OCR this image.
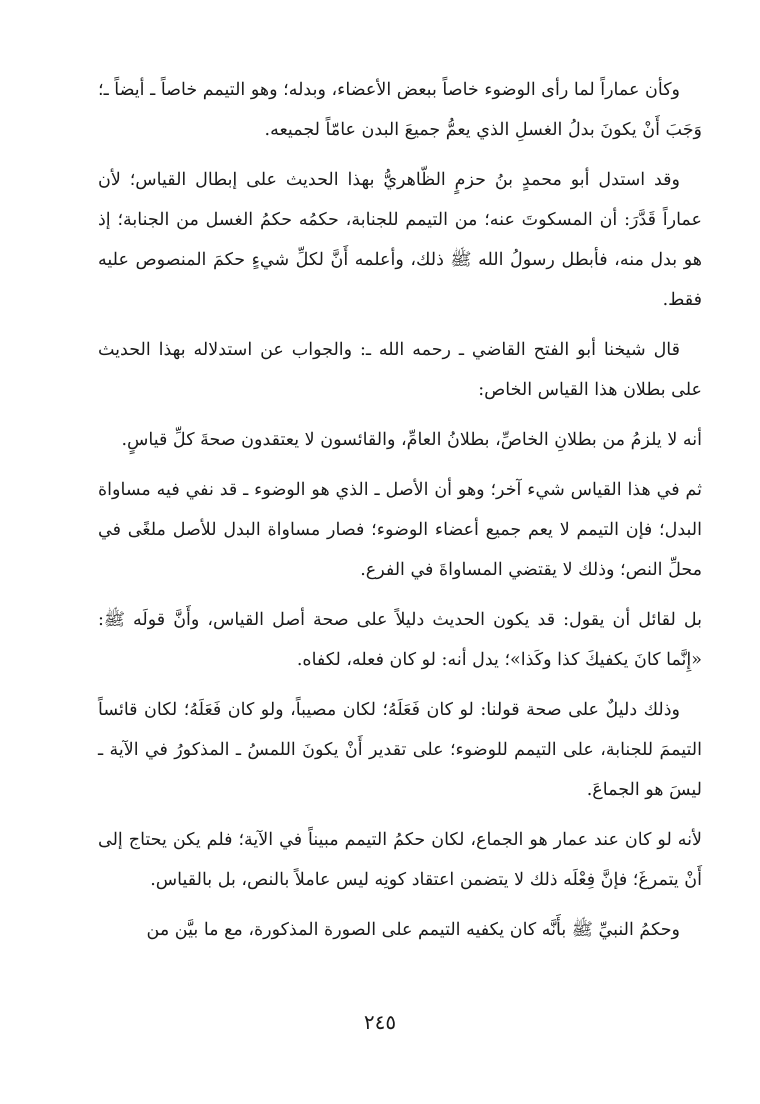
وكأن عماراً لما رأى الوضوء خاصاً ببعض الأعضاء، وبدله؛ وهو التيمم خاصاً ـ أيضاً ـ؛ وَجَبَ أَنْ يكونَ بدلُ الغسلِ الذي يعمُّ جميعَ البدن عامّاً لجميعه.

وقد استدل أبو محمدٍ بنُ حزمٍ الظّاهريُّ بهذا الحديث على إبطال القياس؛ لأن عماراً قَدَّرَ: أن المسكوتَ عنه؛ من التيمم للجنابة، حكمُه حكمُ الغسل من الجنابة؛ إذ هو بدل منه، فأبطل رسولُ الله ﷺ ذلك، وأعلمه أَنَّ لكلِّ شيءٍ حكمَ المنصوص عليه فقط.

قال شيخنا أبو الفتح القاضي ـ رحمه الله ـ: والجواب عن استدلاله بهذا الحديث على بطلان هذا القياس الخاص:

أنه لا يلزمُ من بطلانِ الخاصِّ، بطلانُ العامِّ، والقائسون لا يعتقدون صحةَ كلِّ قياسٍ.

ثم في هذا القياس شيء آخر؛ وهو أن الأصل ـ الذي هو الوضوء ـ قد نفي فيه مساواة البدل؛ فإن التيمم لا يعم جميع أعضاء الوضوء؛ فصار مساواة البدل للأصل ملغًى في محلِّ النص؛ وذلك لا يقتضي المساواةَ في الفرع.

بل لقائل أن يقول: قد يكون الحديث دليلاً على صحة أصل القياس، وأَنَّ قولَه ﷺ: «إِنَّما كانَ يكفيكَ كذا وكَذا»؛ يدل أنه: لو كان فعله، لكفاه.

وذلك دليلٌ على صحة قولنا: لو كان فَعَلَهُ؛ لكان مصيباً، ولو كان فَعَلَهُ؛ لكان قائساً التيممَ للجنابة، على التيمم للوضوء؛ على تقدير أَنْ يكونَ اللمسُ ـ المذكورُ في الآية ـ ليسَ هو الجماعَ.

لأنه لو كان عند عمار هو الجماع، لكان حكمُ التيمم مبيناً في الآية؛ فلم يكن يحتاج إلى أَنْ يتمرغَ؛ فإنَّ فِعْلَه ذلك لا يتضمن اعتقاد كونِه ليس عاملاً بالنص، بل بالقياس.

وحكمُ النبيِّ ﷺ بأَنَّه كان يكفيه التيمم على الصورة المذكورة، مع ما بيَّن من

٢٤٥
